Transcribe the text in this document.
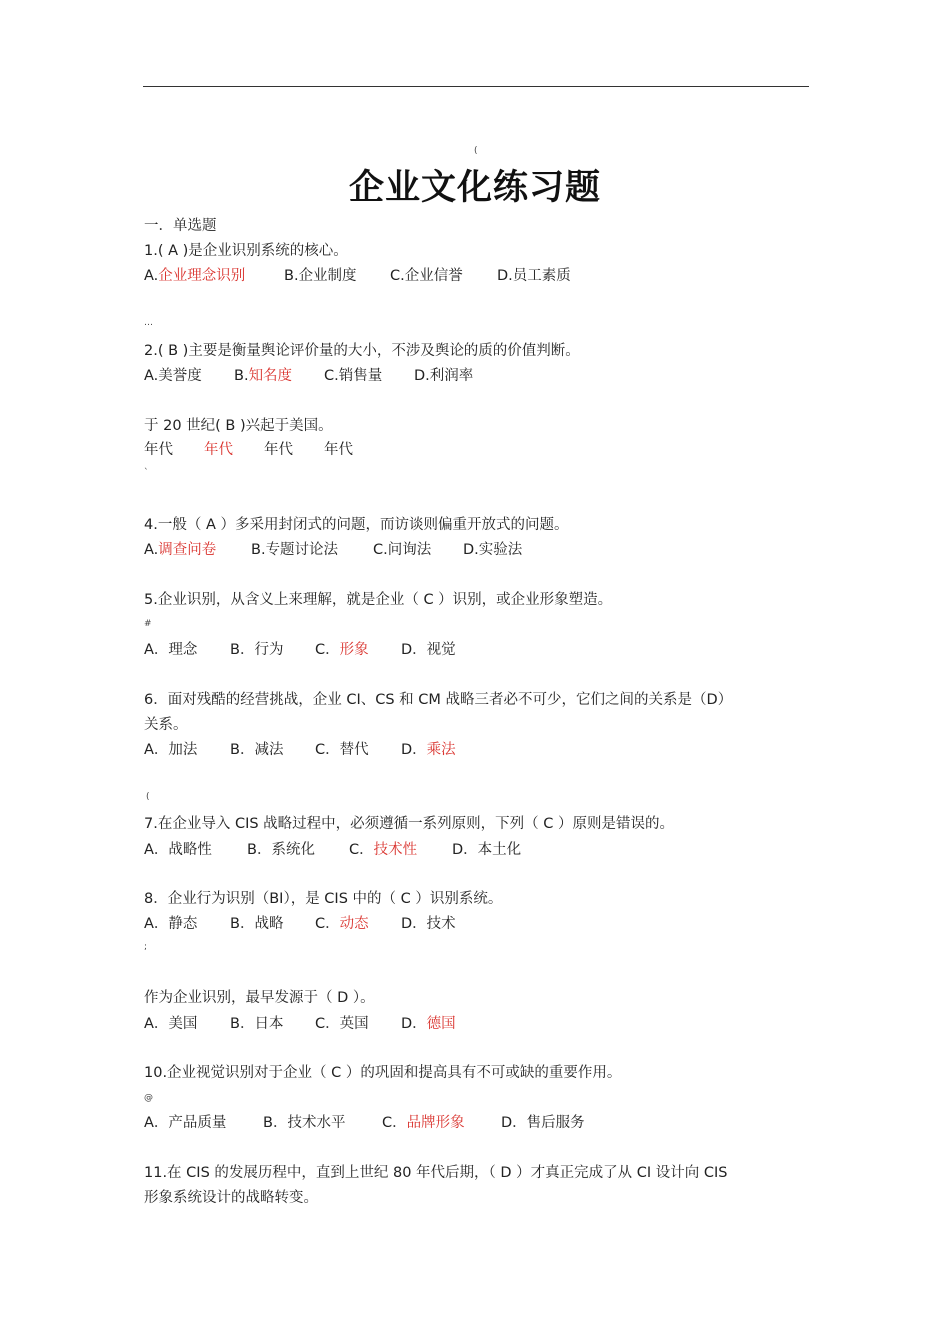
(
企业文化练习题
一．单选题
1.( A )是企业识别系统的核心。
A.企业理念识别	B.企业制度	C.企业信誉	D.员工素质
…
2.( B )主要是衡量舆论评价量的大小，不涉及舆论的质的价值判断。
A.美誉度	B.知名度	C.销售量	D.利润率
于 20 世纪( B )兴起于美国。
年代	年代	年代	年代
`
4.一般（ A ）多采用封闭式的问题，而访谈则偏重开放式的问题。
A.调查问卷	B.专题讨论法	C.问询法	D.实验法
5.企业识别，从含义上来理解，就是企业（ C ）识别，或企业形象塑造。
#
A．理念	B．行为	C．形象	D．视觉
6．面对残酷的经营挑战，企业 CI、CS 和 CM 战略三者必不可少，它们之间的关系是（D）
关系。
A．加法	B．减法	C．替代	D．乘法
(
7.在企业导入 CIS 战略过程中，必须遵循一系列原则，下列（ C ）原则是错误的。
A．战略性	B．系统化	C．技术性	D．本土化
8．企业行为识别（BI），是 CIS 中的（ C ）识别系统。
A．静态	B．战略	C．动态	D．技术
;
作为企业识别，最早发源于（ D ）。
A．美国	B．日本	C．英国	D．德国
10.企业视觉识别对于企业（ C ）的巩固和提高具有不可或缺的重要作用。
@
A．产品质量	B．技术水平	C．品牌形象	D．售后服务
11.在 CIS 的发展历程中，直到上世纪 80 年代后期，（ D ）才真正完成了从 CI 设计向 CIS
形象系统设计的战略转变。
